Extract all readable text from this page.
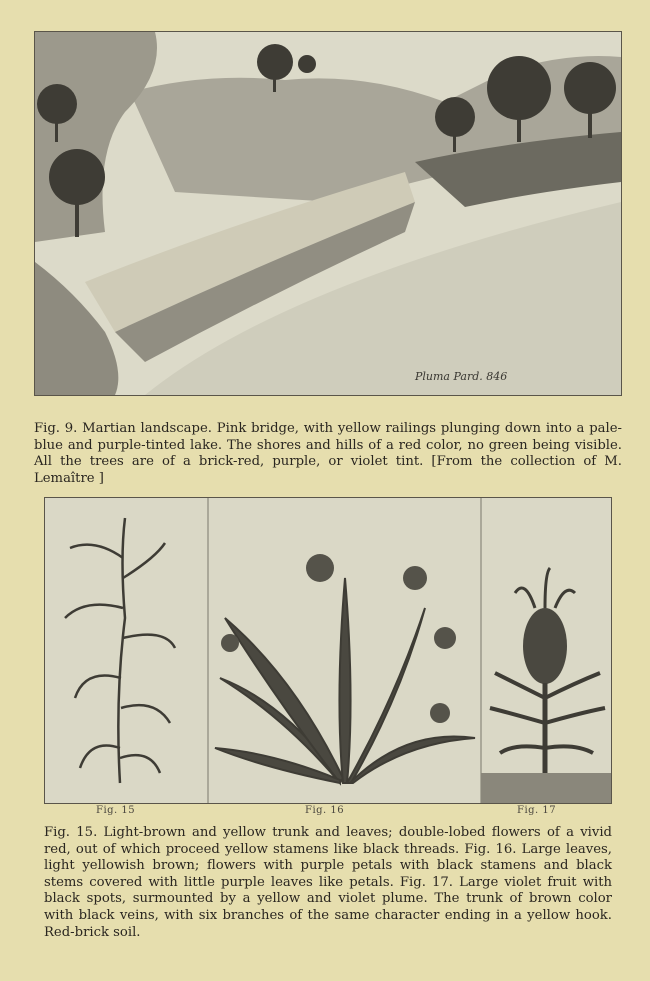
Pluma Pard. 846

Fig. 9. Martian landscape. Pink bridge, with yellow railings plunging down into a pale-blue and purple-tinted lake. The shores and hills of a red color, no green being visible. All the trees are of a brick-red, purple, or violet tint. [From the collection of M. Lemaître ]

Fig. 15	Fig. 16	Fig. 17

Fig. 15. Light-brown and yellow trunk and leaves; double-lobed flowers of a vivid red, out of which proceed yellow stamens like black threads. Fig. 16. Large leaves, light yellowish brown; flowers with purple petals with black stamens and black stems covered with little purple leaves like petals. Fig. 17. Large violet fruit with black spots, surmounted by a yellow and violet plume. The trunk of brown color with black veins, with six branches of the same character ending in a yellow hook. Red-brick soil.
